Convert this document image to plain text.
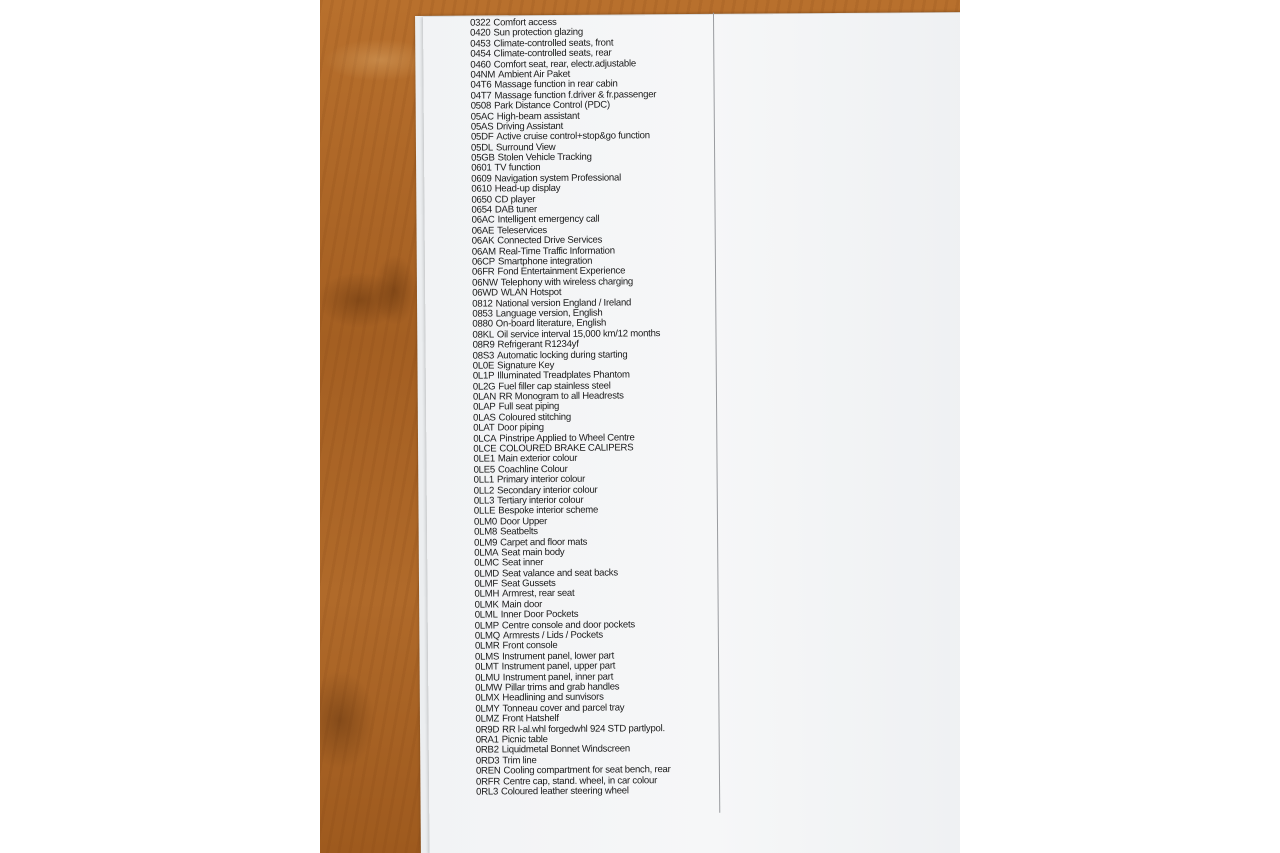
0322 Comfort access
0420 Sun protection glazing
0453 Climate-controlled seats, front
0454 Climate-controlled seats, rear
0460 Comfort seat, rear, electr.adjustable
04NM Ambient Air Paket
04T6 Massage function in rear cabin
04T7 Massage function f.driver & fr.passenger
0508 Park Distance Control (PDC)
05AC High-beam assistant
05AS Driving Assistant
05DF Active cruise control+stop&go function
05DL Surround View
05GB Stolen Vehicle Tracking
0601 TV function
0609 Navigation system Professional
0610 Head-up display
0650 CD player
0654 DAB tuner
06AC Intelligent emergency call
06AE Teleservices
06AK Connected Drive Services
06AM Real-Time Traffic Information
06CP Smartphone integration
06FR Fond Entertainment Experience
06NW Telephony with wireless charging
06WD WLAN Hotspot
0812 National version England / Ireland
0853 Language version, English
0880 On-board literature, English
08KL Oil service interval 15,000 km/12 months
08R9 Refrigerant R1234yf
08S3 Automatic locking during starting
0L0E Signature Key
0L1P Illuminated Treadplates Phantom
0L2G Fuel filler cap stainless steel
0LAN RR Monogram to all Headrests
0LAP Full seat piping
0LAS Coloured stitching
0LAT Door piping
0LCA Pinstripe Applied to Wheel Centre
0LCE COLOURED BRAKE CALIPERS
0LE1 Main exterior colour
0LE5 Coachline Colour
0LL1 Primary interior colour
0LL2 Secondary interior colour
0LL3 Tertiary interior colour
0LLE Bespoke interior scheme
0LM0 Door Upper
0LM8 Seatbelts
0LM9 Carpet and floor mats
0LMA Seat main body
0LMC Seat inner
0LMD Seat valance and seat backs
0LMF Seat Gussets
0LMH Armrest, rear seat
0LMK Main door
0LML Inner Door Pockets
0LMP Centre console and door pockets
0LMQ Armrests / Lids / Pockets
0LMR Front console
0LMS Instrument panel, lower part
0LMT Instrument panel, upper part
0LMU Instrument panel, inner part
0LMW Pillar trims and grab handles
0LMX Headlining and sunvisors
0LMY Tonneau cover and parcel tray
0LMZ Front Hatshelf
0R9D RR l-al.whl forgedwhl 924 STD partlypol.
0RA1 Picnic table
0RB2 Liquidmetal Bonnet Windscreen
0RD3 Trim line
0REN Cooling compartment for seat bench, rear
0RFR Centre cap, stand. wheel, in car colour
0RL3 Coloured leather steering wheel
